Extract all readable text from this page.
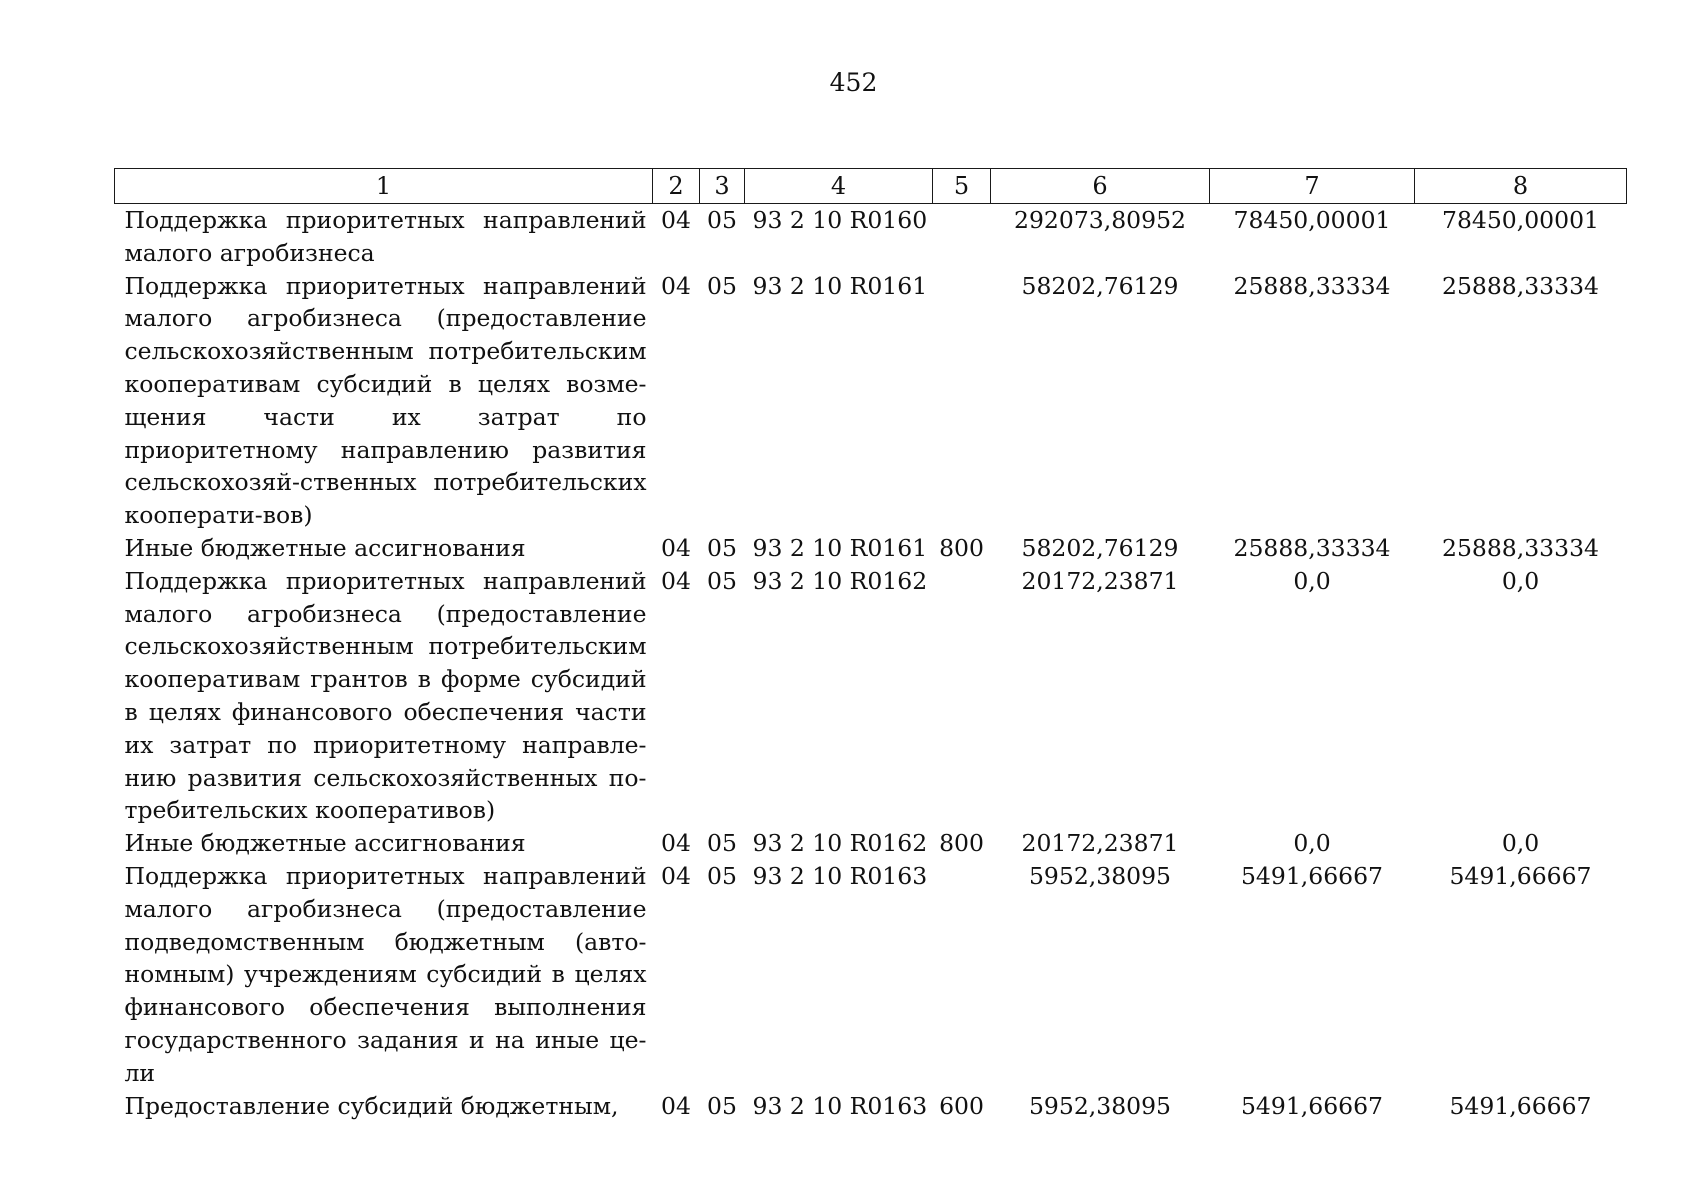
452
1	2	3	4	5	6	7	8
Поддержка приоритетных направлений малого агробизнеса	04	05	93 2 10 R0160		292073,80952	78450,00001	78450,00001
Поддержка приоритетных направлений малого агробизнеса (предоставление сельскохозяйственным потребительским кооперативам субсидий в целях возме-щения части их затрат по приоритетному направлению развития сельскохозяй-ственных потребительских кооперати-вов)	04	05	93 2 10 R0161		58202,76129	25888,33334	25888,33334
Иные бюджетные ассигнования	04	05	93 2 10 R0161	800	58202,76129	25888,33334	25888,33334
Поддержка приоритетных направлений малого агробизнеса (предоставление сельскохозяйственным потребительским кооперативам грантов в форме субсидий в целях финансового обеспечения части их затрат по приоритетному направле-нию развития сельскохозяйственных по-требительских кооперативов)	04	05	93 2 10 R0162		20172,23871	0,0	0,0
Иные бюджетные ассигнования	04	05	93 2 10 R0162	800	20172,23871	0,0	0,0
Поддержка приоритетных направлений малого агробизнеса (предоставление подведомственным бюджетным (авто-номным) учреждениям субсидий в целях финансового обеспечения выполнения государственного задания и на иные це-ли	04	05	93 2 10 R0163		5952,38095	5491,66667	5491,66667
Предоставление субсидий бюджетным,	04	05	93 2 10 R0163	600	5952,38095	5491,66667	5491,66667
